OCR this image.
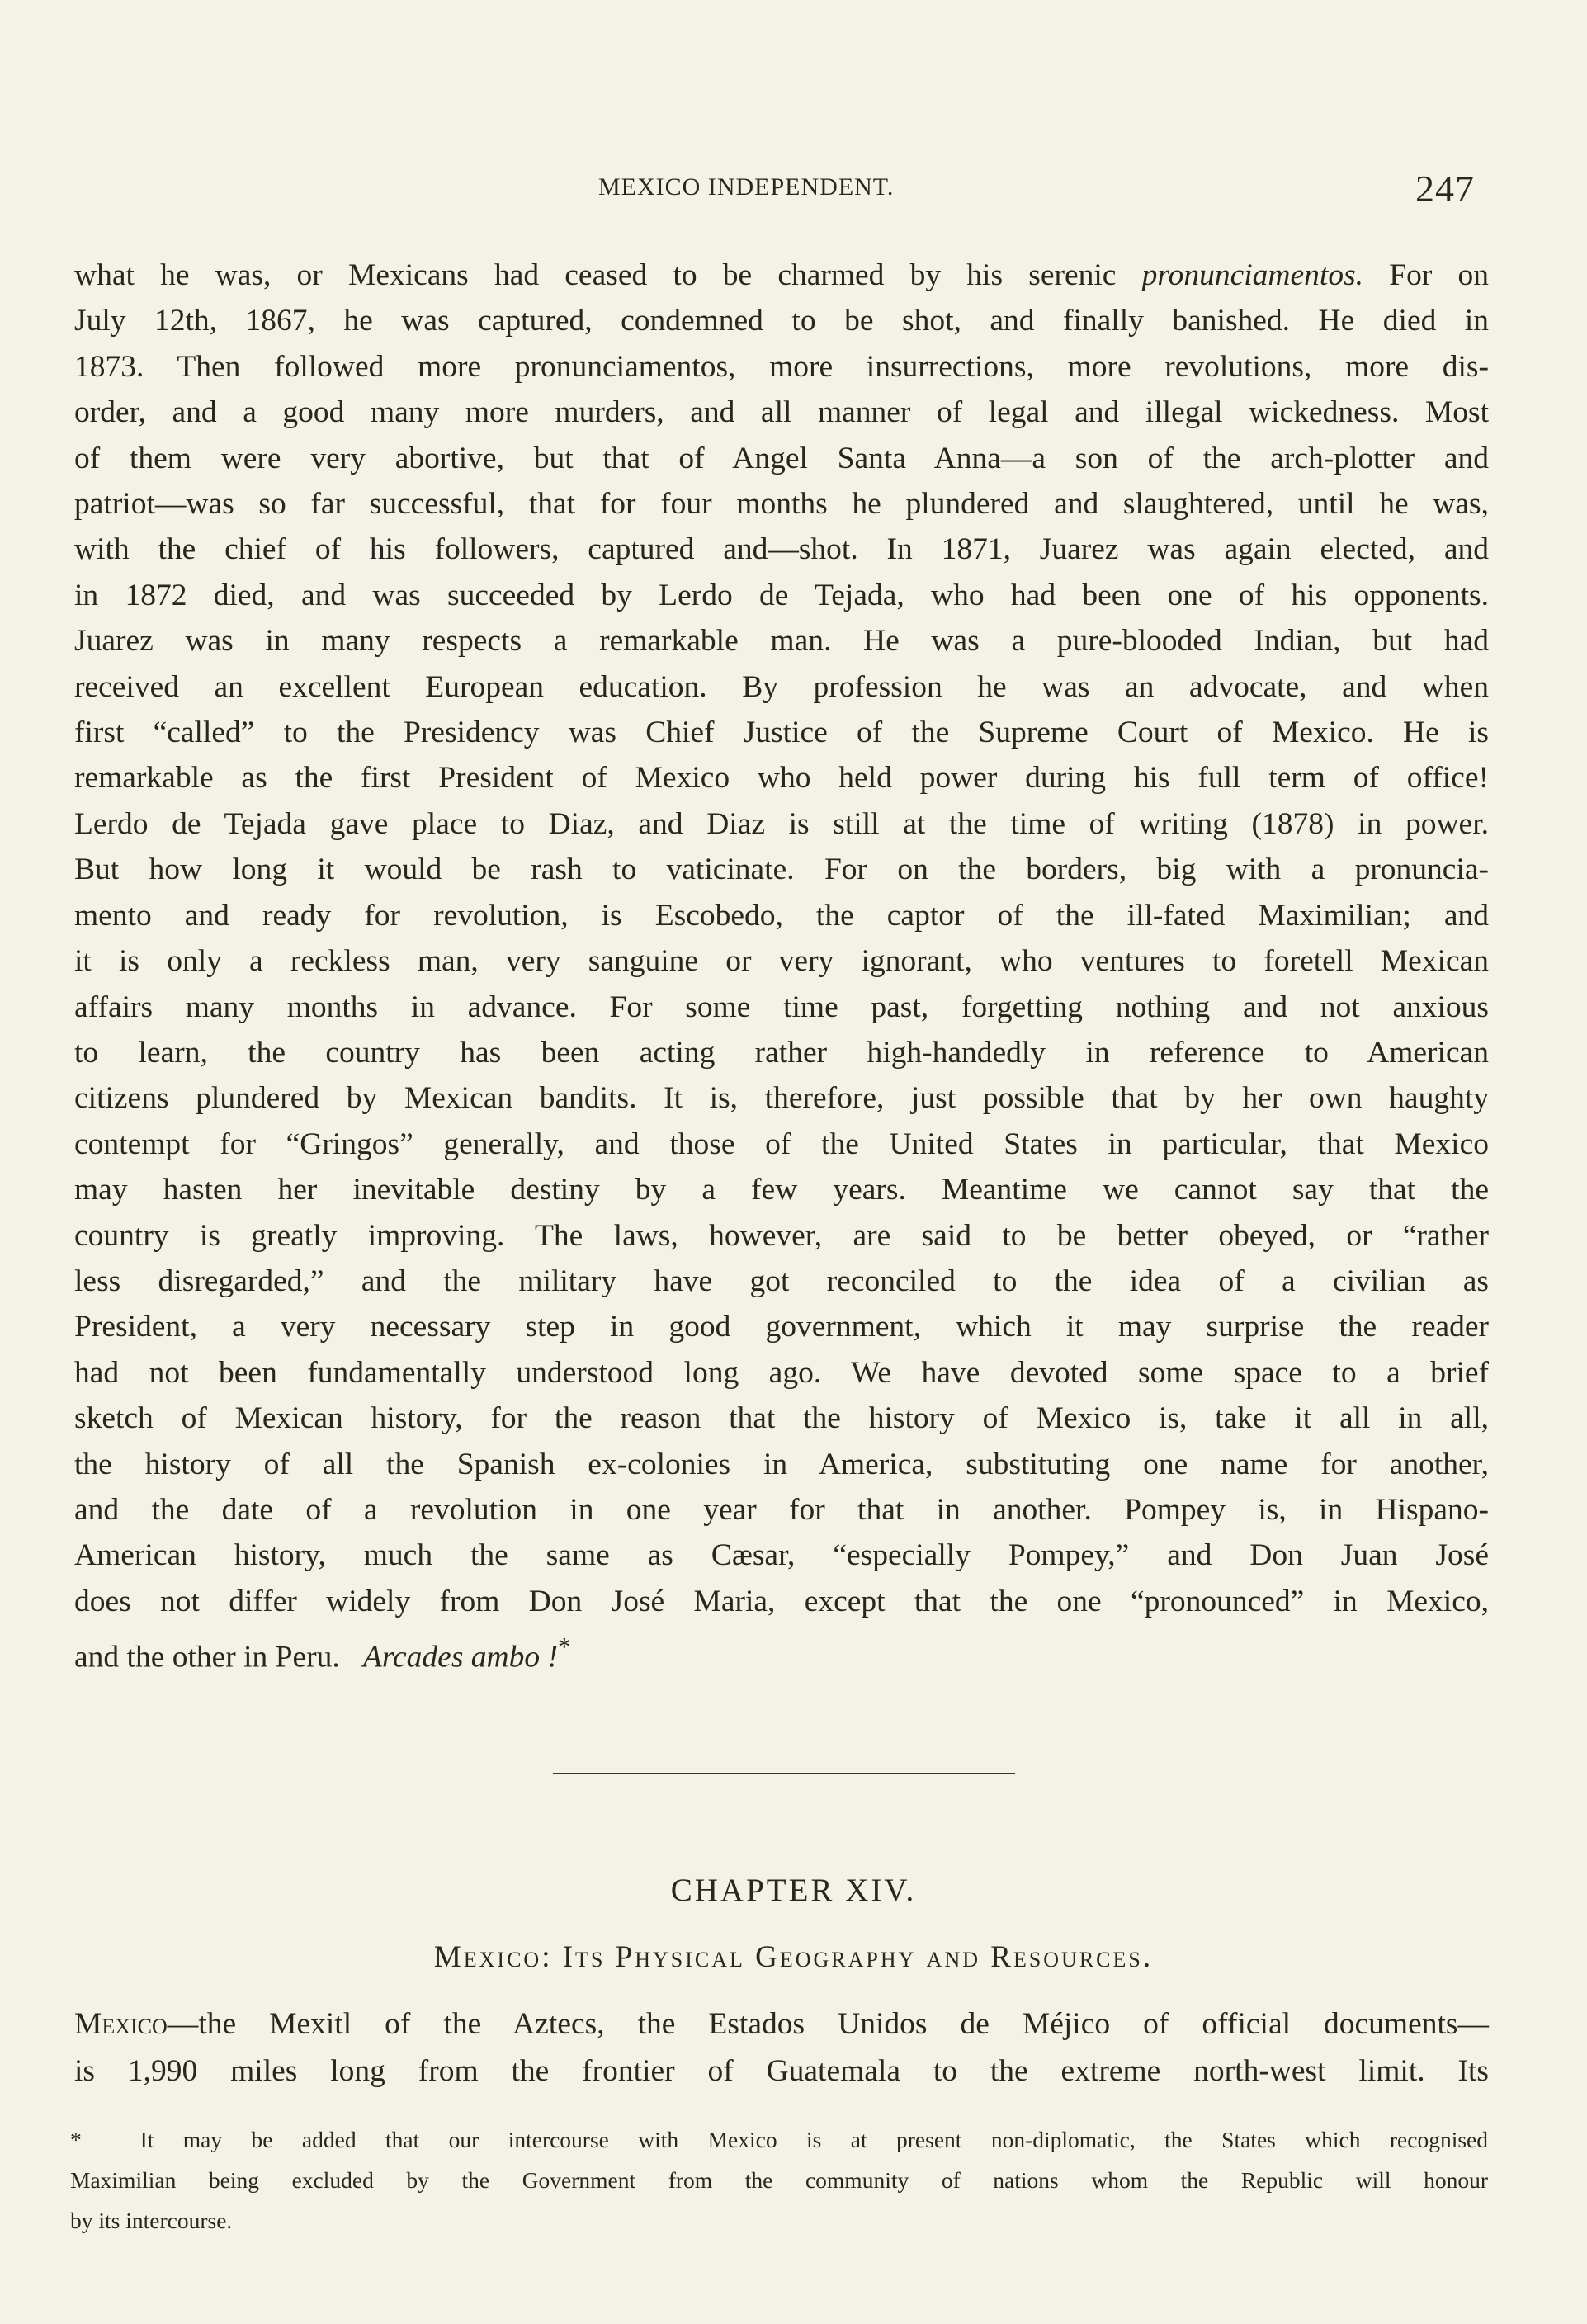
MEXICO INDEPENDENT.	247
what he was, or Mexicans had ceased to be charmed by his serenic pronunciamentos. For on
July 12th, 1867, he was captured, condemned to be shot, and finally banished. He died in
1873. Then followed more pronunciamentos, more insurrections, more revolutions, more dis-
order, and a good many more murders, and all manner of legal and illegal wickedness. Most
of them were very abortive, but that of Angel Santa Anna—a son of the arch-plotter and
patriot—was so far successful, that for four months he plundered and slaughtered, until he was,
with the chief of his followers, captured and—shot. In 1871, Juarez was again elected, and
in 1872 died, and was succeeded by Lerdo de Tejada, who had been one of his opponents.
Juarez was in many respects a remarkable man. He was a pure-blooded Indian, but had
received an excellent European education. By profession he was an advocate, and when
first “called” to the Presidency was Chief Justice of the Supreme Court of Mexico. He is
remarkable as the first President of Mexico who held power during his full term of office!
Lerdo de Tejada gave place to Diaz, and Diaz is still at the time of writing (1878) in power.
But how long it would be rash to vaticinate. For on the borders, big with a pronuncia-
mento and ready for revolution, is Escobedo, the captor of the ill-fated Maximilian; and
it is only a reckless man, very sanguine or very ignorant, who ventures to foretell Mexican
affairs many months in advance. For some time past, forgetting nothing and not anxious
to learn, the country has been acting rather high-handedly in reference to American
citizens plundered by Mexican bandits. It is, therefore, just possible that by her own haughty
contempt for “Gringos” generally, and those of the United States in particular, that Mexico
may hasten her inevitable destiny by a few years. Meantime we cannot say that the
country is greatly improving. The laws, however, are said to be better obeyed, or “rather
less disregarded,” and the military have got reconciled to the idea of a civilian as
President, a very necessary step in good government, which it may surprise the reader
had not been fundamentally understood long ago. We have devoted some space to a brief
sketch of Mexican history, for the reason that the history of Mexico is, take it all in all,
the history of all the Spanish ex-colonies in America, substituting one name for another,
and the date of a revolution in one year for that in another. Pompey is, in Hispano-
American history, much the same as Cæsar, “especially Pompey,” and Don Juan José
does not differ widely from Don José Maria, except that the one “pronounced” in Mexico,
and the other in Peru. Arcades ambo !*
CHAPTER XIV.
Mexico: Its Physical Geography and Resources.
Mexico—the Mexitl of the Aztecs, the Estados Unidos de Méjico of official documents—
is 1,990 miles long from the frontier of Guatemala to the extreme north-west limit. Its
*	It may be added that our intercourse with Mexico is at present non-diplomatic, the States which recognised
Maximilian being excluded by the Government from the community of nations whom the Republic will honour
by its intercourse.
